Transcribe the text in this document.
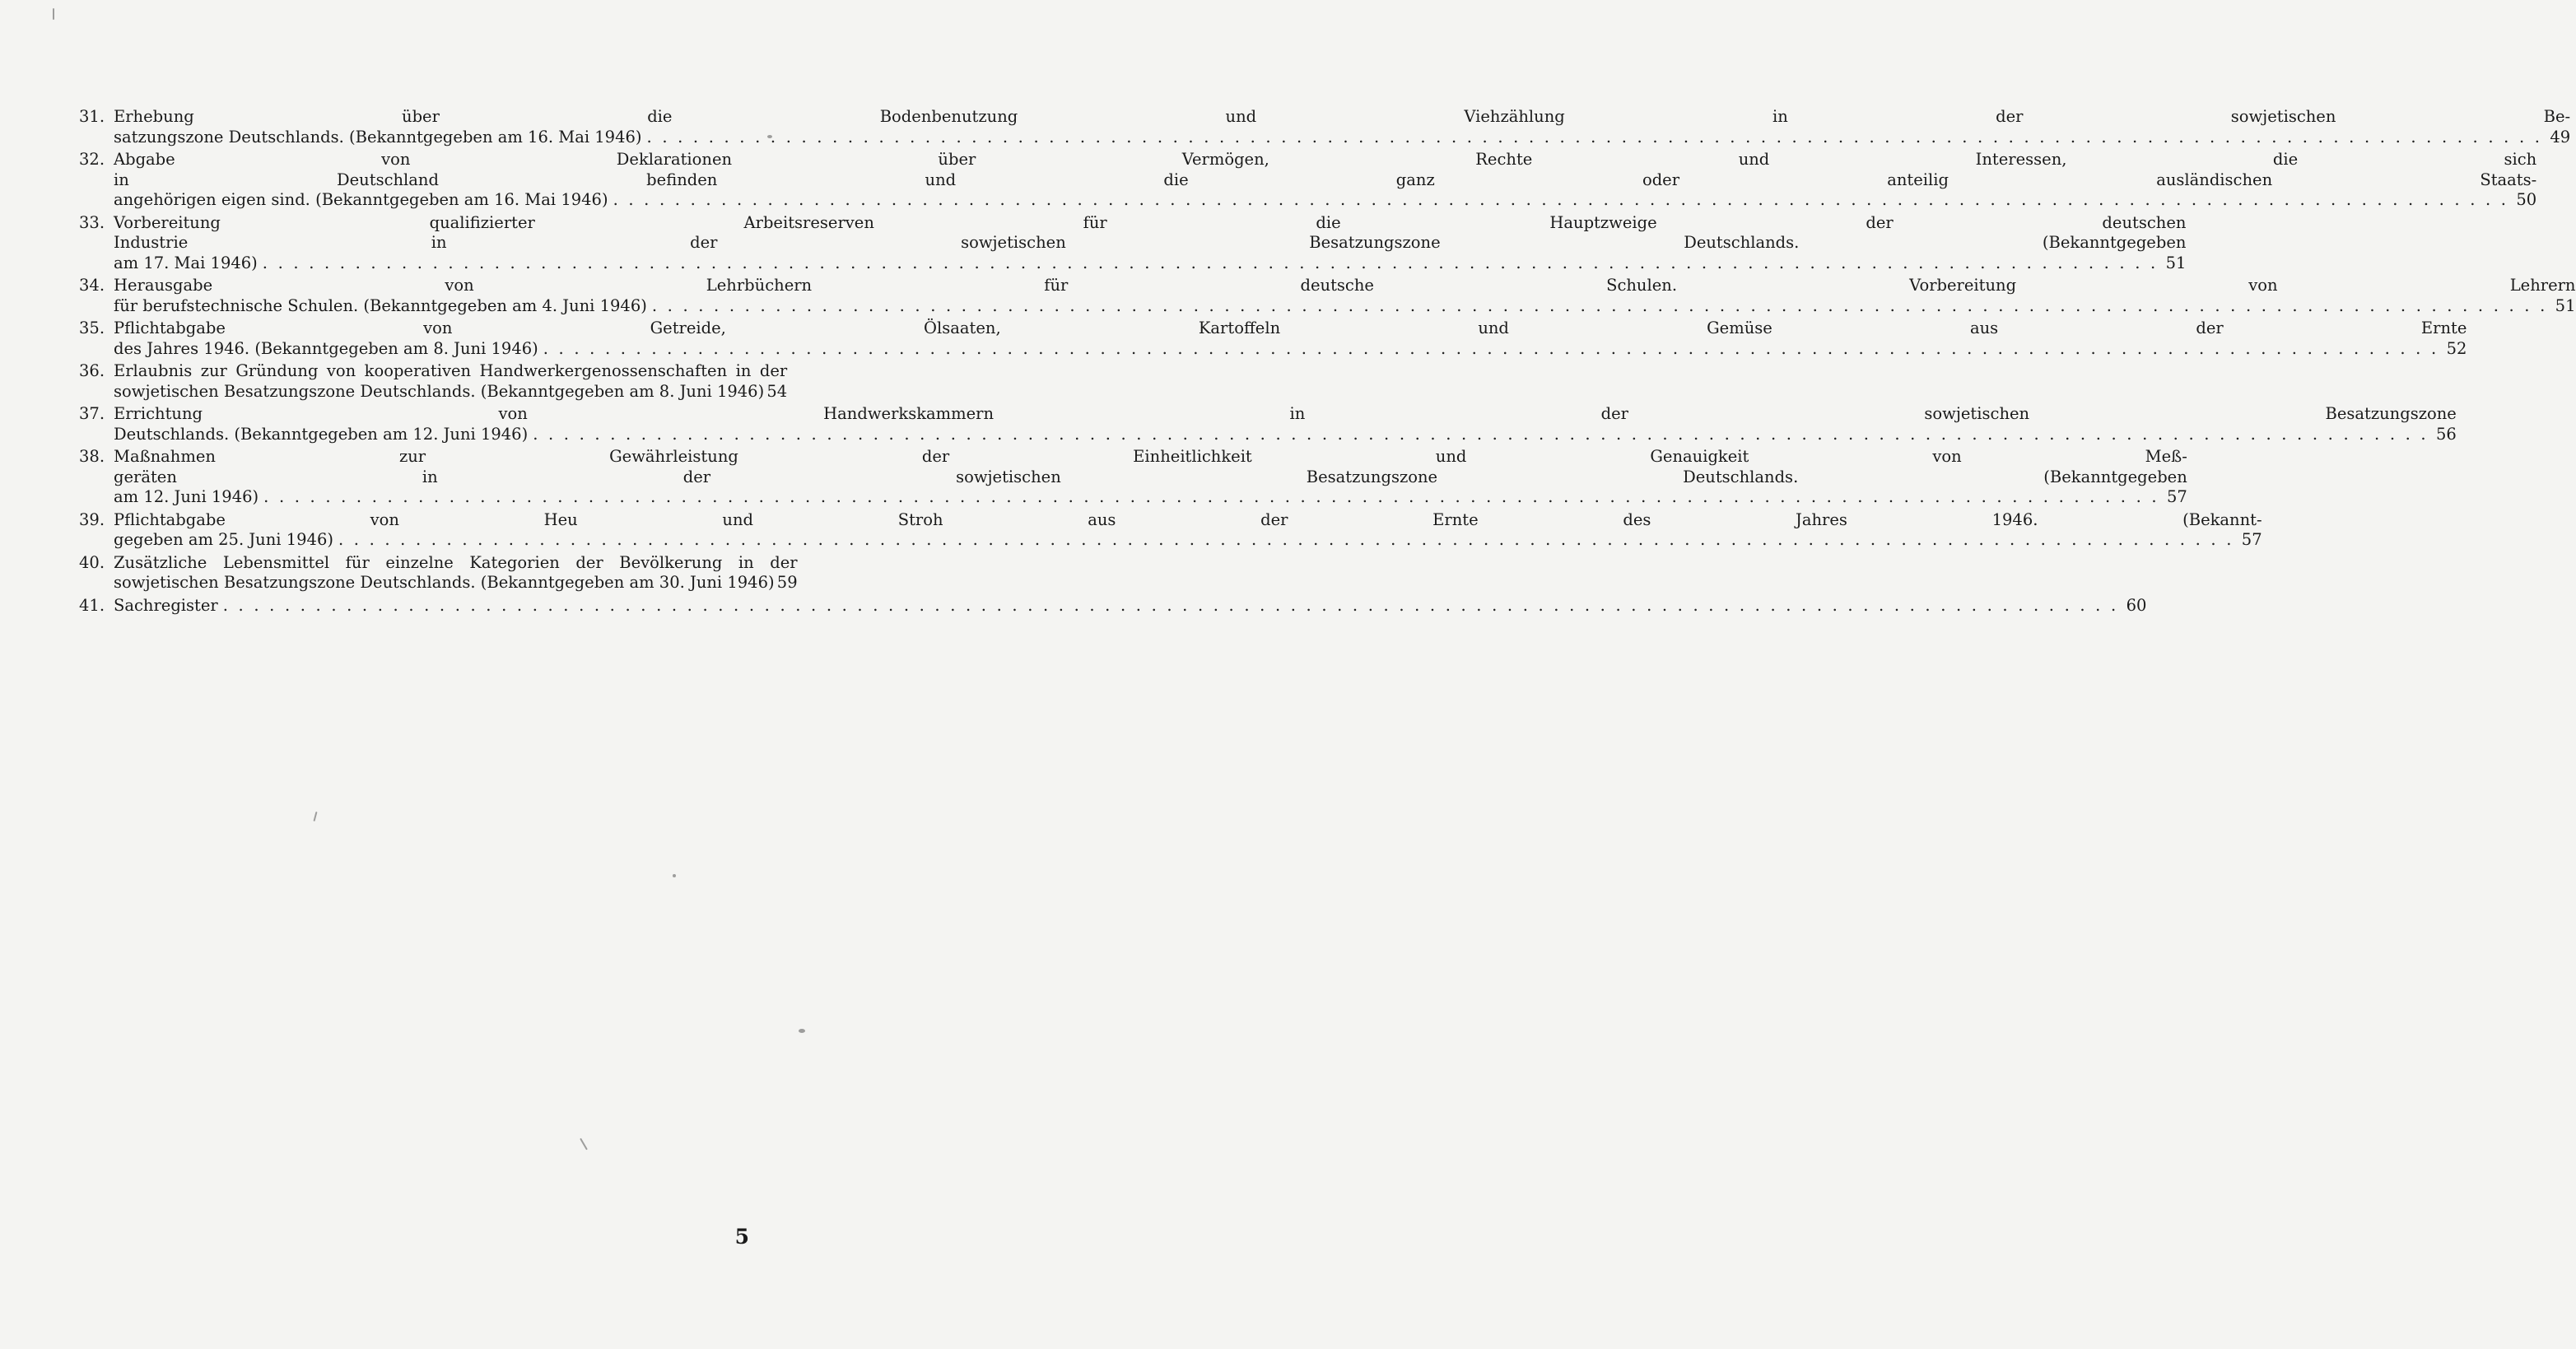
31. Erhebung über die Bodenbenutzung und Viehzählung in der sowjetischen Be-
satzungszone Deutschlands. (Bekanntgegeben am 16. Mai 1946) . . .	49
32. Abgabe von Deklarationen über Vermögen, Rechte und Interessen, die sich
in Deutschland befinden und die ganz oder anteilig ausländischen Staats-
angehörigen eigen sind. (Bekanntgegeben am 16. Mai 1946) . . .	50
33. Vorbereitung qualifizierter Arbeitsreserven für die Hauptzweige der deutschen
Industrie in der sowjetischen Besatzungszone Deutschlands. (Bekanntgegeben
am 17. Mai 1946) . . .	51
34. Herausgabe von Lehrbüchern für deutsche Schulen. Vorbereitung von Lehrern
für berufstechnische Schulen. (Bekanntgegeben am 4. Juni 1946) . . .	51
35. Pflichtabgabe von Getreide, Ölsaaten, Kartoffeln und Gemüse aus der Ernte
des Jahres 1946. (Bekanntgegeben am 8. Juni 1946) . . .	52
36. Erlaubnis zur Gründung von kooperativen Handwerkergenossenschaften in der
sowjetischen Besatzungszone Deutschlands. (Bekanntgegeben am 8. Juni 1946) 54
37. Errichtung von Handwerkskammern in der sowjetischen Besatzungszone
Deutschlands. (Bekanntgegeben am 12. Juni 1946) . . .	56
38. Maßnahmen zur Gewährleistung der Einheitlichkeit und Genauigkeit von Meß-
geräten in der sowjetischen Besatzungszone Deutschlands. (Bekanntgegeben
am 12. Juni 1946) . . .	57
39. Pflichtabgabe von Heu und Stroh aus der Ernte des Jahres 1946. (Bekannt-
gegeben am 25. Juni 1946) . . .	57
40. Zusätzliche Lebensmittel für einzelne Kategorien der Bevölkerung in der
sowjetischen Besatzungszone Deutschlands. (Bekanntgegeben am 30. Juni 1946) 59
41. Sachregister . . .	60
5
